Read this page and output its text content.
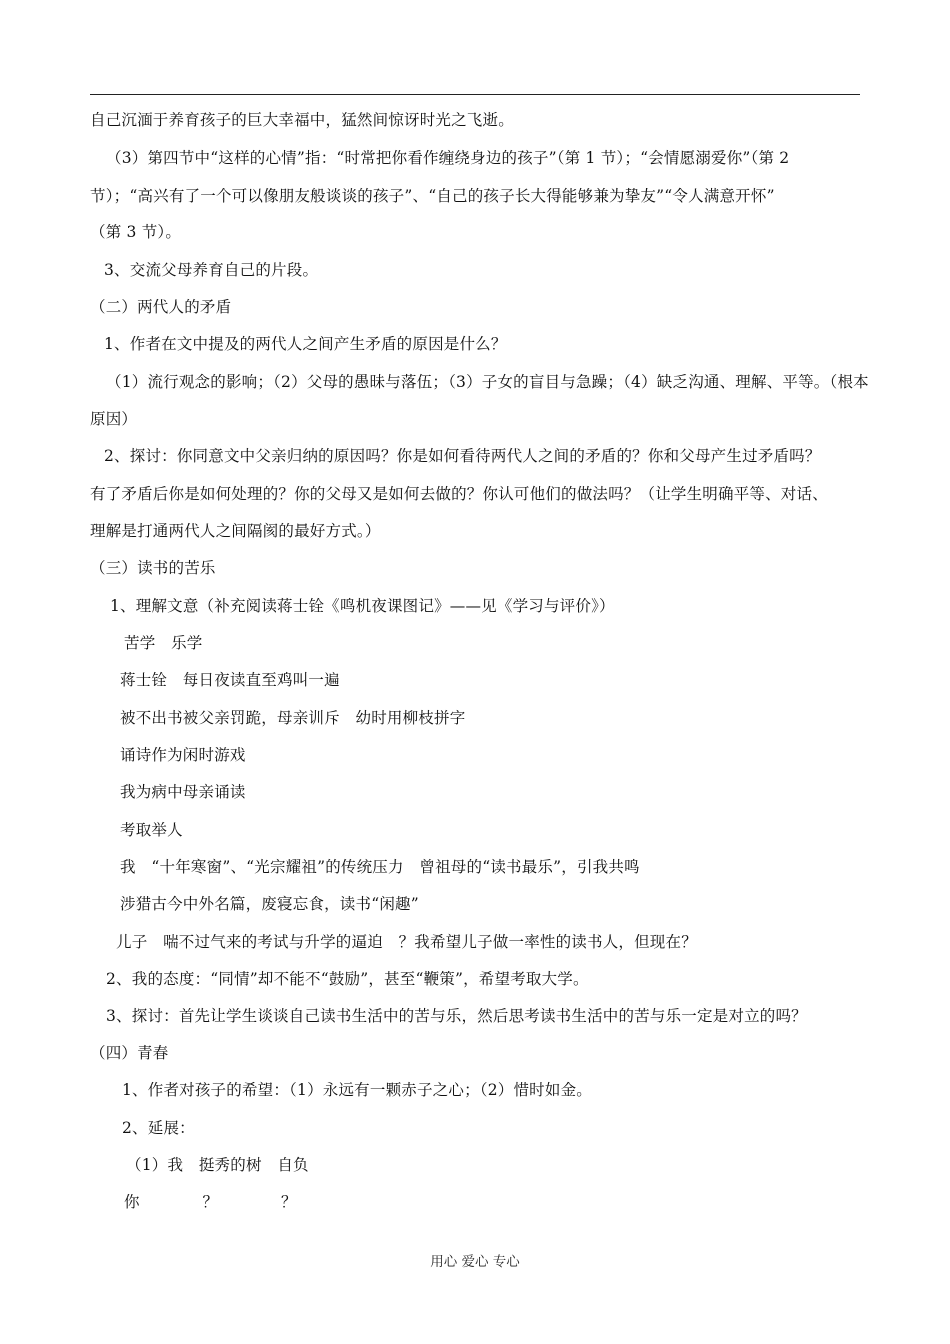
自己沉湎于养育孩子的巨大幸福中，猛然间惊讶时光之飞逝。
（3）第四节中“这样的心情”指：“时常把你看作缠绕身边的孩子”（第 1 节）；“会情愿溺爱你”（第 2
节）；“高兴有了一个可以像朋友般谈谈的孩子”、“自己的孩子长大得能够兼为挚友”“令人满意开怀”
（第 3 节）。
3、交流父母养育自己的片段。
（二）两代人的矛盾
1、作者在文中提及的两代人之间产生矛盾的原因是什么？
（1）流行观念的影响；（2）父母的愚昧与落伍；（3）子女的盲目与急躁；（4）缺乏沟通、理解、平等。（根本
原因）
2、探讨：你同意文中父亲归纳的原因吗？你是如何看待两代人之间的矛盾的？你和父母产生过矛盾吗？
有了矛盾后你是如何处理的？你的父母又是如何去做的？你认可他们的做法吗？（让学生明确平等、对话、
理解是打通两代人之间隔阂的最好方式。）
（三）读书的苦乐
1、理解文意（补充阅读蒋士铨《鸣机夜课图记》——见《学习与评价》）
苦学　乐学
蒋士铨　每日夜读直至鸡叫一遍
被不出书被父亲罚跪，母亲训斥　幼时用柳枝拼字
诵诗作为闲时游戏
我为病中母亲诵读
考取举人
我　“十年寒窗”、“光宗耀祖”的传统压力　曾祖母的“读书最乐”，引我共鸣
涉猎古今中外名篇，废寝忘食，读书“闲趣”
儿子　喘不过气来的考试与升学的逼迫　？我希望儿子做一率性的读书人，但现在？
2、我的态度：“同情”却不能不“鼓励”，甚至“鞭策”，希望考取大学。
3、探讨：首先让学生谈谈自己读书生活中的苦与乐，然后思考读书生活中的苦与乐一定是对立的吗？
（四）青春
1、作者对孩子的希望：（1）永远有一颗赤子之心；（2）惜时如金。
2、延展：
（1）我　挺秀的树　自负
你　　　　？　　　　？
用心 爱心 专心
